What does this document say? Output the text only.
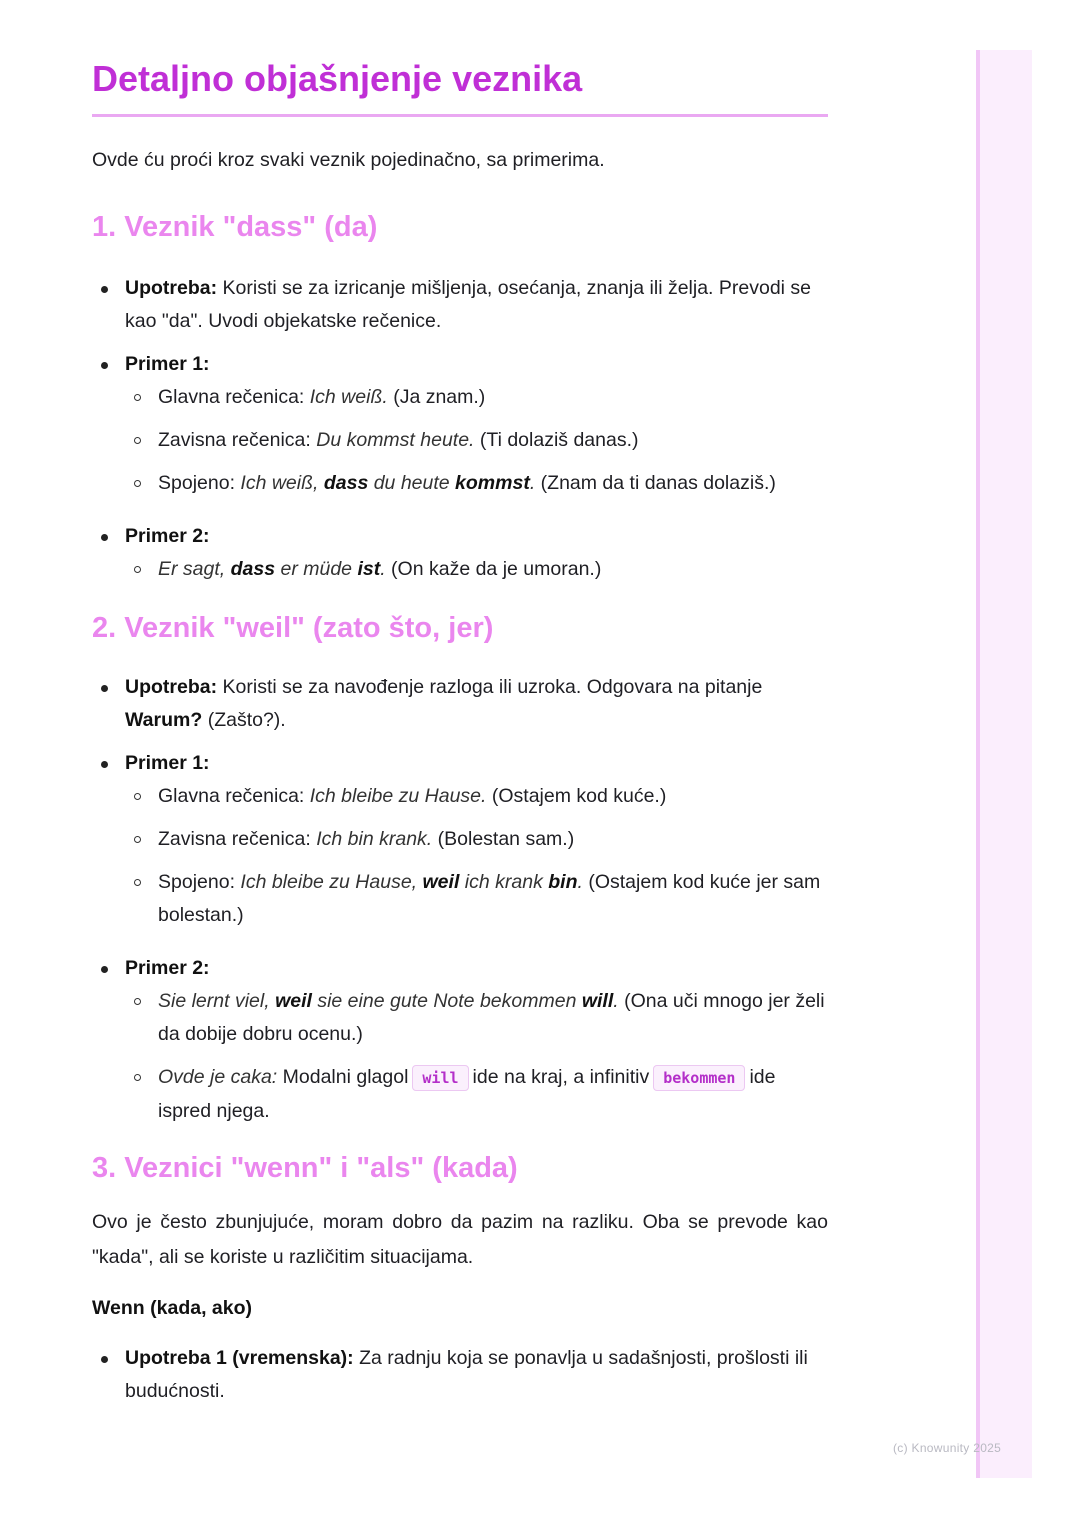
Detaljno objašnjenje veznika

Ovde ću proći kroz svaki veznik pojedinačno, sa primerima.

1. Veznik "dass" (da)
Upotreba: Koristi se za izricanje mišljenja, osećanja, znanja ili želja. Prevodi se kao "da". Uvodi objekatske rečenice.
Primer 1:
Glavna rečenica: Ich weiß. (Ja znam.)
Zavisna rečenica: Du kommst heute. (Ti dolaziš danas.)
Spojeno: Ich weiß, dass du heute kommst. (Znam da ti danas dolaziš.)
Primer 2:
Er sagt, dass er müde ist. (On kaže da je umoran.)
2. Veznik "weil" (zato što, jer)
Upotreba: Koristi se za navođenje razloga ili uzroka. Odgovara na pitanje Warum? (Zašto?).
Primer 1:
Glavna rečenica: Ich bleibe zu Hause. (Ostajem kod kuće.)
Zavisna rečenica: Ich bin krank. (Bolestan sam.)
Spojeno: Ich bleibe zu Hause, weil ich krank bin. (Ostajem kod kuće jer sam bolestan.)
Primer 2:
Sie lernt viel, weil sie eine gute Note bekommen will. (Ona uči mnogo jer želi da dobije dobru ocenu.)
Ovde je caka: Modalni glagol will ide na kraj, a infinitiv bekommen ide ispred njega.
3. Veznici "wenn" i "als" (kada)

Ovo je često zbunjujuće, moram dobro da pazim na razliku. Oba se prevode kao "kada", ali se koriste u različitim situacijama.

Wenn (kada, ako)
Upotreba 1 (vremenska): Za radnju koja se ponavlja u sadašnjosti, prošlosti ili budućnosti.
(c) Knowunity 2025
